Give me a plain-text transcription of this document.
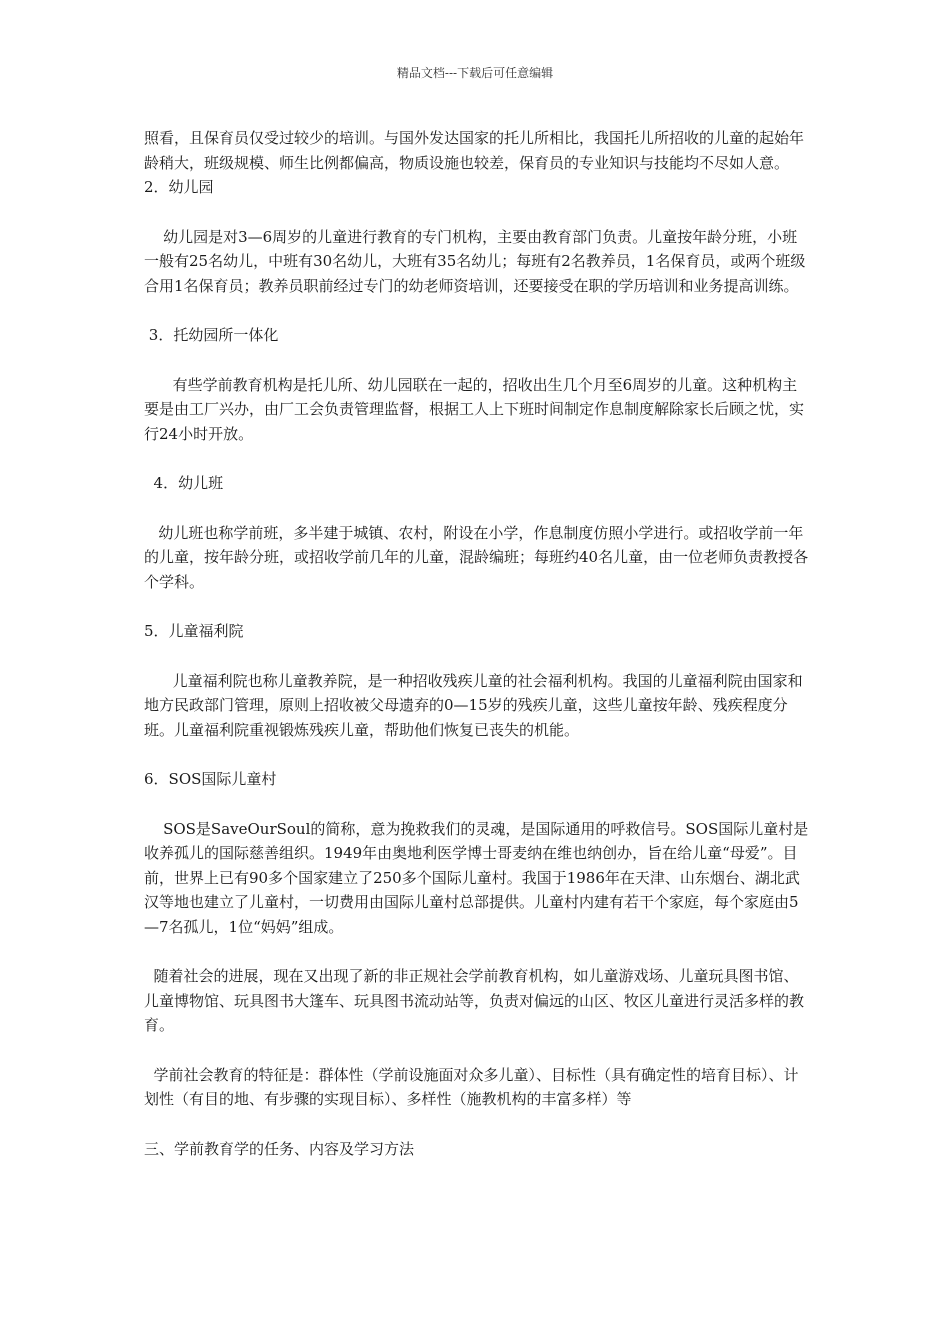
精品文档---下载后可任意编辑

照看，且保育员仅受过较少的培训。与国外发达国家的托儿所相比，我国托儿所招收的儿童的起始年龄稍大，班级规模、师生比例都偏高，物质设施也较差，保育员的专业知识与技能均不尽如人意。

2．幼儿园

幼儿园是对3—6周岁的儿童进行教育的专门机构，主要由教育部门负责。儿童按年龄分班，小班一般有25名幼儿，中班有30名幼儿，大班有35名幼儿；每班有2名教养员，1名保育员，或两个班级合用1名保育员；教养员职前经过专门的幼老师资培训，还要接受在职的学历培训和业务提高训练。

3．托幼园所一体化

有些学前教育机构是托儿所、幼儿园联在一起的，招收出生几个月至6周岁的儿童。这种机构主要是由工厂兴办，由厂工会负责管理监督，根据工人上下班时间制定作息制度解除家长后顾之忧，实行24小时开放。

4．幼儿班

幼儿班也称学前班，多半建于城镇、农村，附设在小学，作息制度仿照小学进行。或招收学前一年的儿童，按年龄分班，或招收学前几年的儿童，混龄编班；每班约40名儿童，由一位老师负责教授各个学科。

5．儿童福利院

儿童福利院也称儿童教养院，是一种招收残疾儿童的社会福利机构。我国的儿童福利院由国家和地方民政部门管理，原则上招收被父母遗弃的0—15岁的残疾儿童，这些儿童按年龄、残疾程度分班。儿童福利院重视锻炼残疾儿童，帮助他们恢复已丧失的机能。

6．SOS国际儿童村

SOS是SaveOurSoul的简称，意为挽救我们的灵魂，是国际通用的呼救信号。SOS国际儿童村是收养孤儿的国际慈善组织。1949年由奥地利医学博士哥麦纳在维也纳创办，旨在给儿童“母爱”。目前，世界上已有90多个国家建立了250多个国际儿童村。我国于1986年在天津、山东烟台、湖北武汉等地也建立了儿童村，一切费用由国际儿童村总部提供。儿童村内建有若干个家庭，每个家庭由5—7名孤儿，1位“妈妈”组成。

随着社会的进展，现在又出现了新的非正规社会学前教育机构，如儿童游戏场、儿童玩具图书馆、儿童博物馆、玩具图书大篷车、玩具图书流动站等，负责对偏远的山区、牧区儿童进行灵活多样的教育。

学前社会教育的特征是：群体性（学前设施面对众多儿童）、目标性（具有确定性的培育目标）、计划性（有目的地、有步骤的实现目标）、多样性（施教机构的丰富多样）等

三、学前教育学的任务、内容及学习方法
